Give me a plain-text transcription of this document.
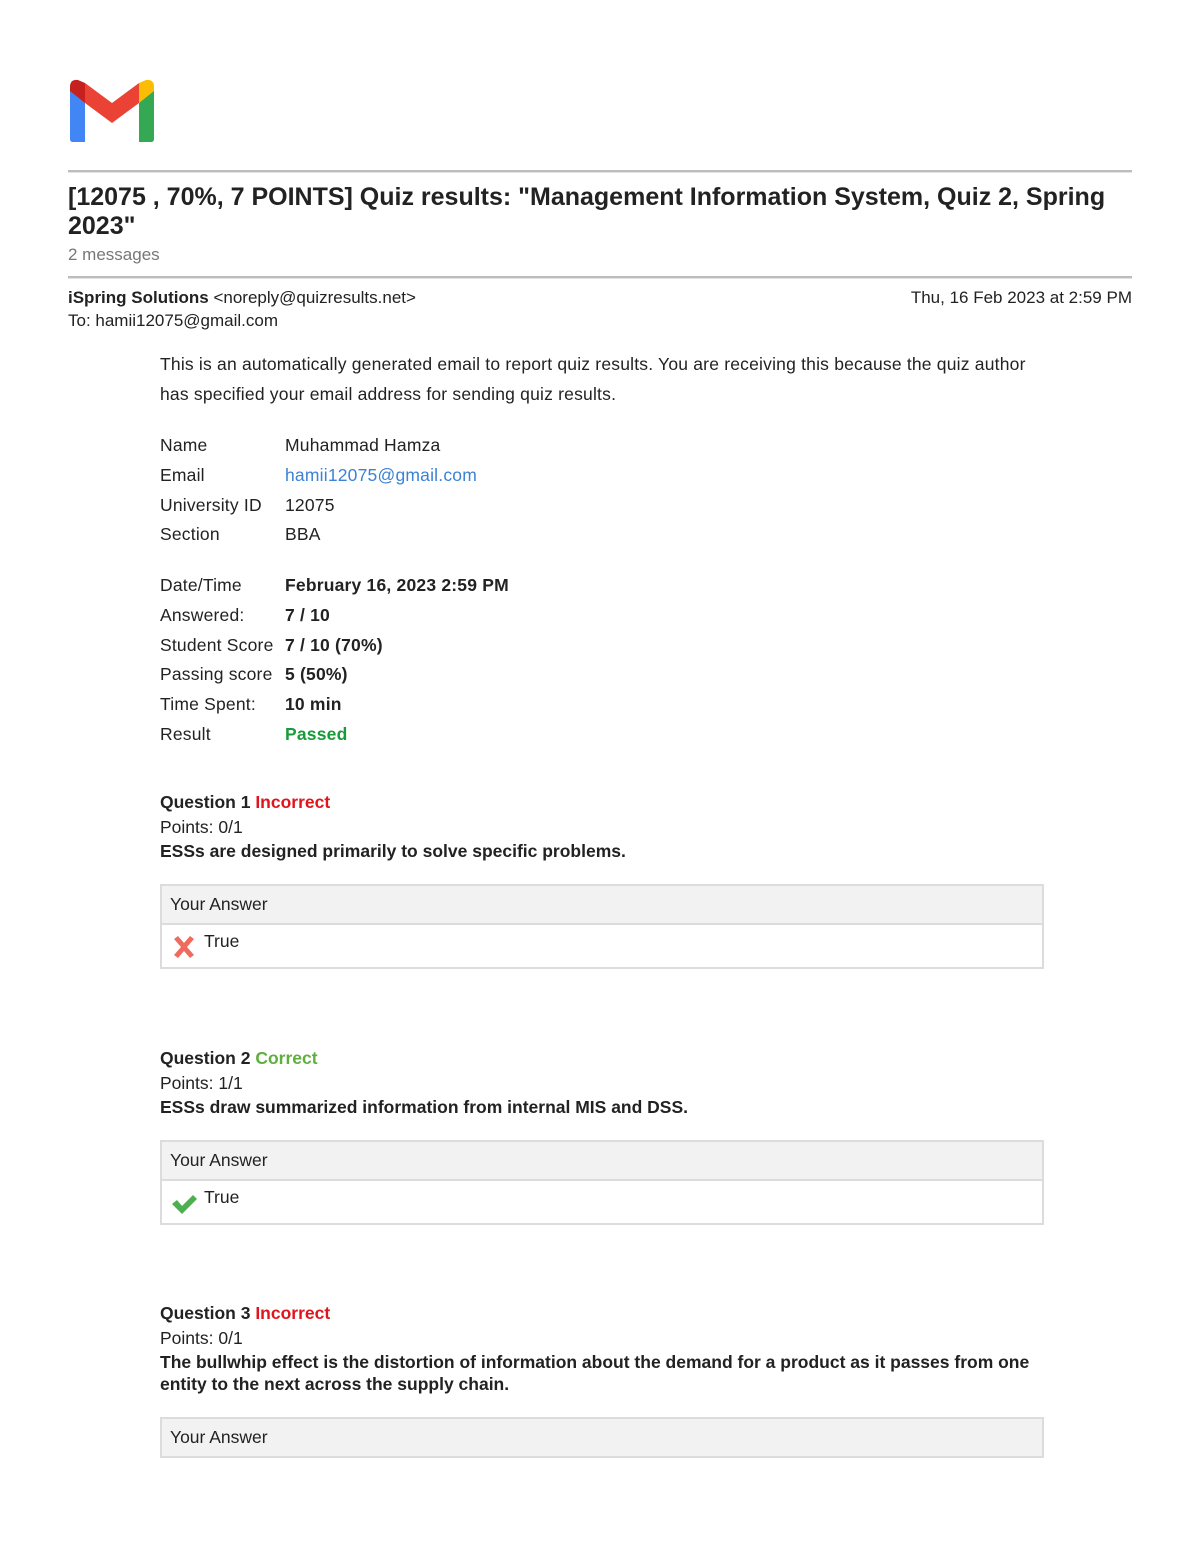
[12075 , 70%, 7 POINTS] Quiz results: "Management Information System, Quiz 2, Spring 2023"
2 messages
iSpring Solutions <noreply@quizresults.net>	Thu, 16 Feb 2023 at 2:59 PM
To: hamii12075@gmail.com
This is an automatically generated email to report quiz results. You are receiving this because the quiz author has specified your email address for sending quiz results.
Name	Muhammad Hamza
Email	hamii12075@gmail.com
University ID	12075
Section	BBA
Date/Time	February 16, 2023 2:59 PM
Answered:	7 / 10
Student Score	7 / 10 (70%)
Passing score	5 (50%)
Time Spent:	10 min
Result	Passed
Question 1 Incorrect
Points: 0/1
ESSs are designed primarily to solve specific problems.
Your Answer
True
Question 2 Correct
Points: 1/1
ESSs draw summarized information from internal MIS and DSS.
Your Answer
True
Question 3 Incorrect
Points: 0/1
The bullwhip effect is the distortion of information about the demand for a product as it passes from one entity to the next across the supply chain.
Your Answer
